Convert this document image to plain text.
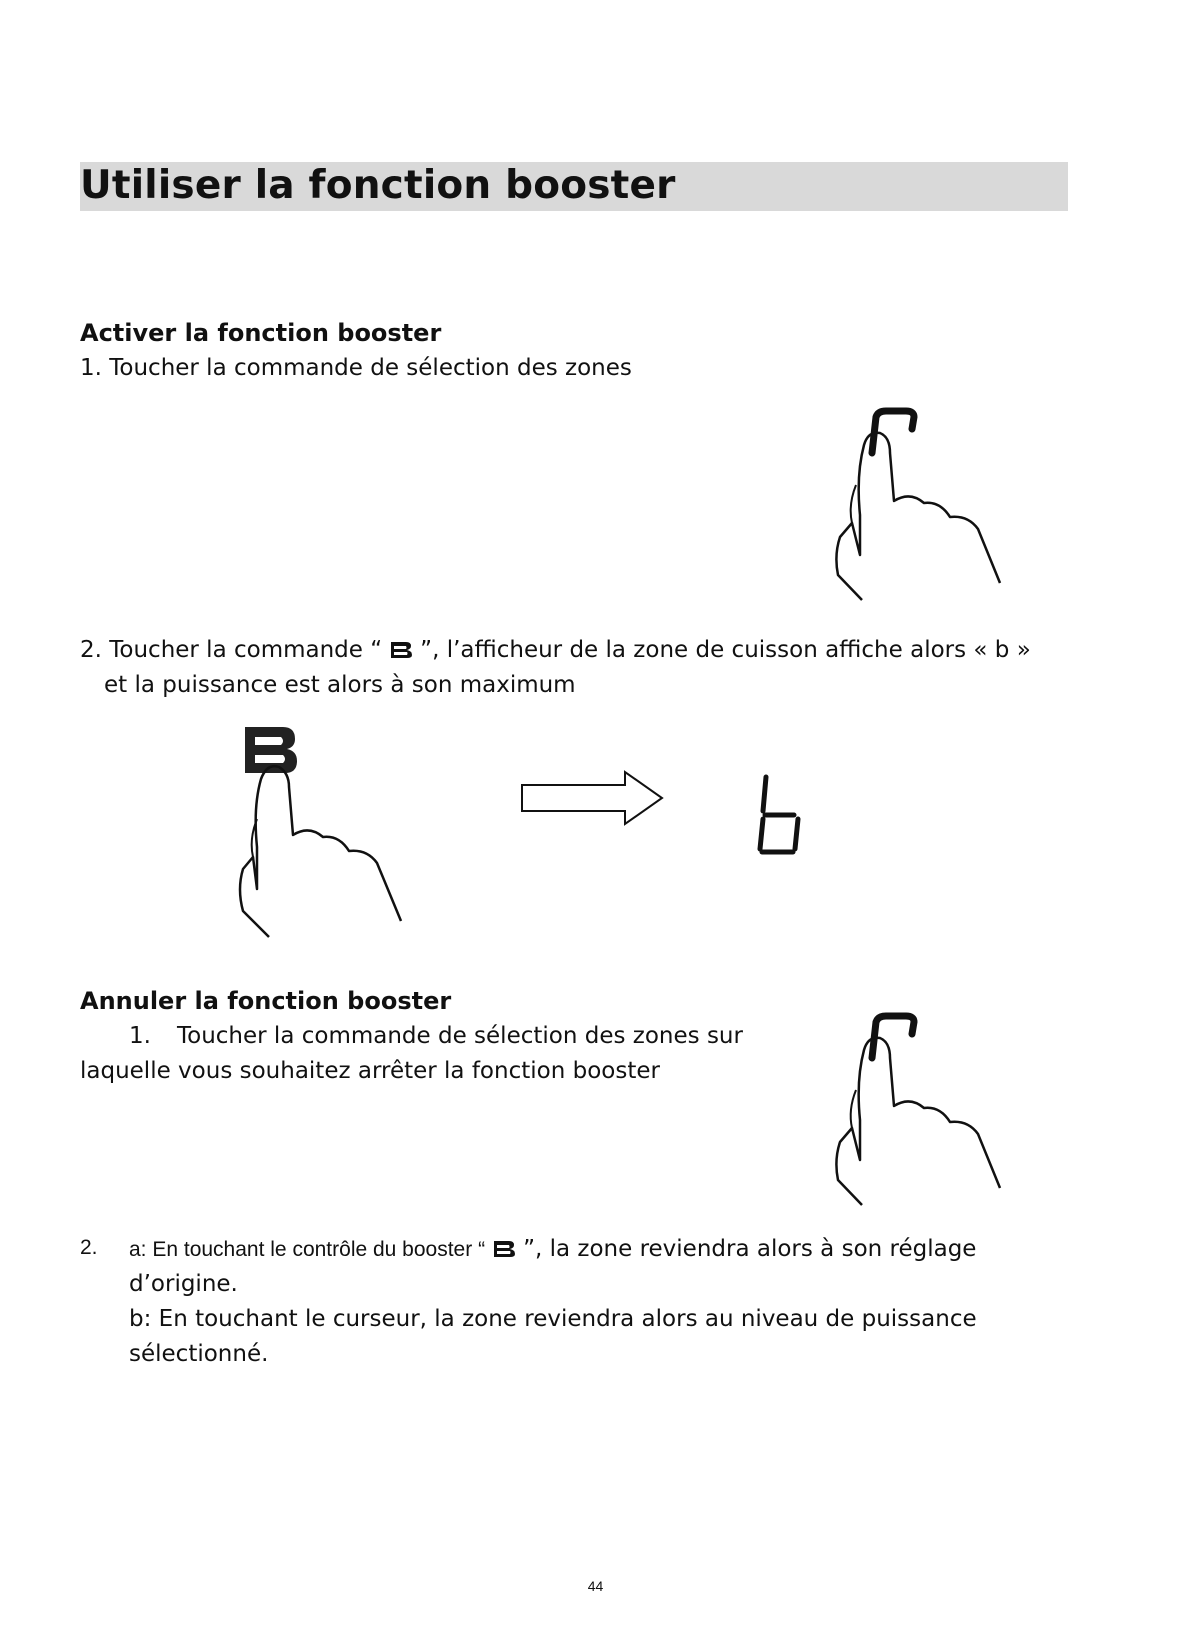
Utiliser la fonction booster
Activer la fonction booster
1. Toucher la commande de sélection des zones
2. Toucher la commande “ ”, l’afficheur de la zone de cuisson affiche alors « b »
et la puissance est alors à son maximum
Annuler la fonction booster
1. Toucher la commande de sélection des zones sur
laquelle vous souhaitez arrêter la fonction booster
2. a: En touchant le contrôle du booster “ ”, la zone reviendra alors à son réglage
d’origine.
b: En touchant le curseur, la zone reviendra alors au niveau de puissance
sélectionné.
44
